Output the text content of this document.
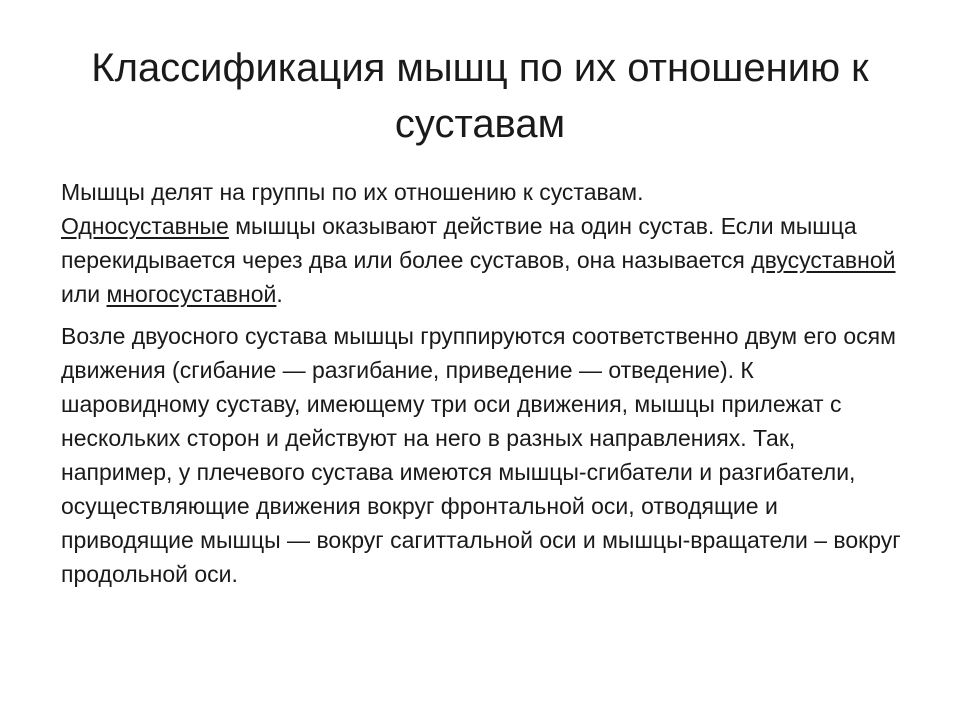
Классификация мышц по их отношению к суставам

Мышцы делят на группы по их отношению к суставам.
Односуставные мышцы оказывают действие на один сустав. Если мышца перекидывается через два или более суставов, она называется двусуставной или многосуставной.

Возле двуосного сустава мышцы группируются соответственно двум его осям движения (сгибание — разгибание, приведение — отведение). К шаровидному суставу, имеющему три оси движения, мышцы прилежат с нескольких сторон и действуют на него в разных направлениях. Так, например, у плечевого сустава имеются мышцы-сгибатели и разгибатели, осуществляющие движения вокруг фронтальной оси, отводящие и приводящие мышцы — вокруг сагиттальной оси и мышцы-вращатели – вокруг продольной оси.
